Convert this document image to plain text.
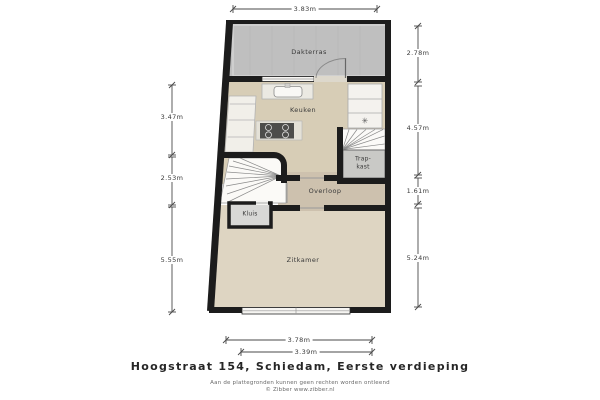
Dakterras
Keuken
Trap-
kast
Overloop
Kluis
Zitkamer
✳
3.83m
3.47m
2.53m
5.55m
2.78m
4.57m
1.61m
5.24m
3.78m
3.39m
Hoogstraat 154, Schiedam, Eerste verdieping
Aan de plattegronden kunnen geen rechten worden ontleend
© Zibber www.zibber.nl
